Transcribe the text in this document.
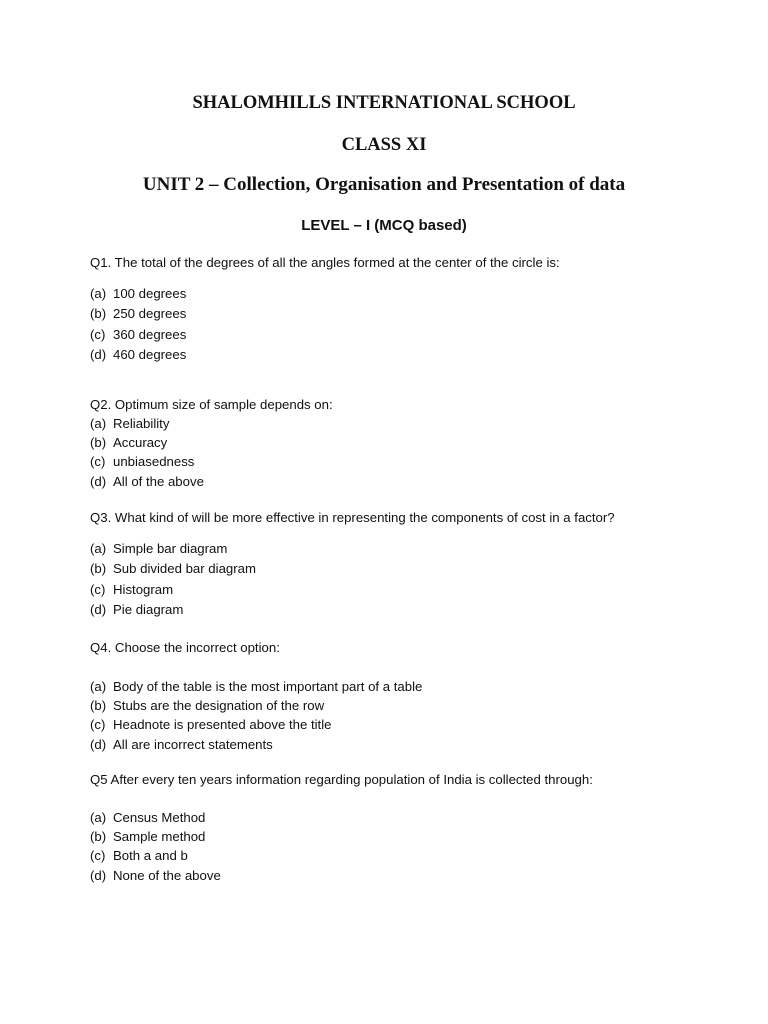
SHALOMHILLS INTERNATIONAL SCHOOL
CLASS XI
UNIT 2 – Collection, Organisation and Presentation of data
LEVEL – I (MCQ based)

Q1. The total of the degrees of all the angles formed at the center of the circle is:

(a) 100 degrees
(b) 250 degrees
(c) 360 degrees
(d) 460 degrees

Q2. Optimum size of sample depends on:

(a) Reliability
(b) Accuracy
(c) unbiasedness
(d) All of the above

Q3. What kind of will be more effective in representing the components of cost in a factor?

(a) Simple bar diagram
(b) Sub divided bar diagram
(c) Histogram
(d) Pie diagram

Q4. Choose the incorrect option:

(a) Body of the table is the most important part of a table
(b) Stubs are the designation of the row
(c) Headnote is presented above the title
(d) All are incorrect statements

Q5 After every ten years information regarding population of India is collected through:

(a) Census Method
(b) Sample method
(c) Both a and b
(d) None of the above
